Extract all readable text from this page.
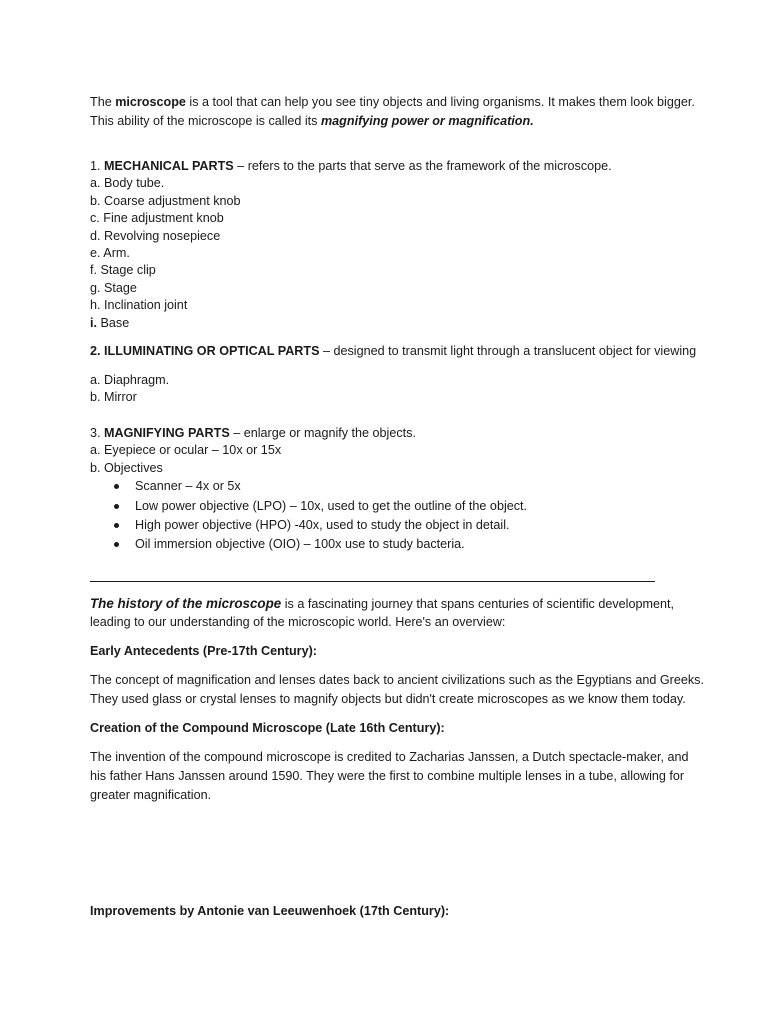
The microscope is a tool that can help you see tiny objects and living organisms. It makes them look bigger.
This ability of the microscope is called its magnifying power or magnification.
1. MECHANICAL PARTS – refers to the parts that serve as the framework of the microscope.
a. Body tube.
b. Coarse adjustment knob
c. Fine adjustment knob
d. Revolving nosepiece
e. Arm.
f. Stage clip
g. Stage
h. Inclination joint
i. Base
2. ILLUMINATING OR OPTICAL PARTS – designed to transmit light through a translucent object for viewing
a. Diaphragm.
b. Mirror
3. MAGNIFYING PARTS – enlarge or magnify the objects.
a. Eyepiece or ocular – 10x or 15x
b. Objectives
Scanner – 4x or 5x
Low power objective (LPO) – 10x, used to get the outline of the object.
High power objective (HPO) -40x, used to study the object in detail.
Oil immersion objective (OIO) – 100x use to study bacteria.
The history of the microscope is a fascinating journey that spans centuries of scientific development,
leading to our understanding of the microscopic world. Here's an overview:
Early Antecedents (Pre-17th Century):
The concept of magnification and lenses dates back to ancient civilizations such as the Egyptians and Greeks.
They used glass or crystal lenses to magnify objects but didn't create microscopes as we know them today.
Creation of the Compound Microscope (Late 16th Century):
The invention of the compound microscope is credited to Zacharias Janssen, a Dutch spectacle-maker, and
his father Hans Janssen around 1590. They were the first to combine multiple lenses in a tube, allowing for
greater magnification.
Improvements by Antonie van Leeuwenhoek (17th Century):
